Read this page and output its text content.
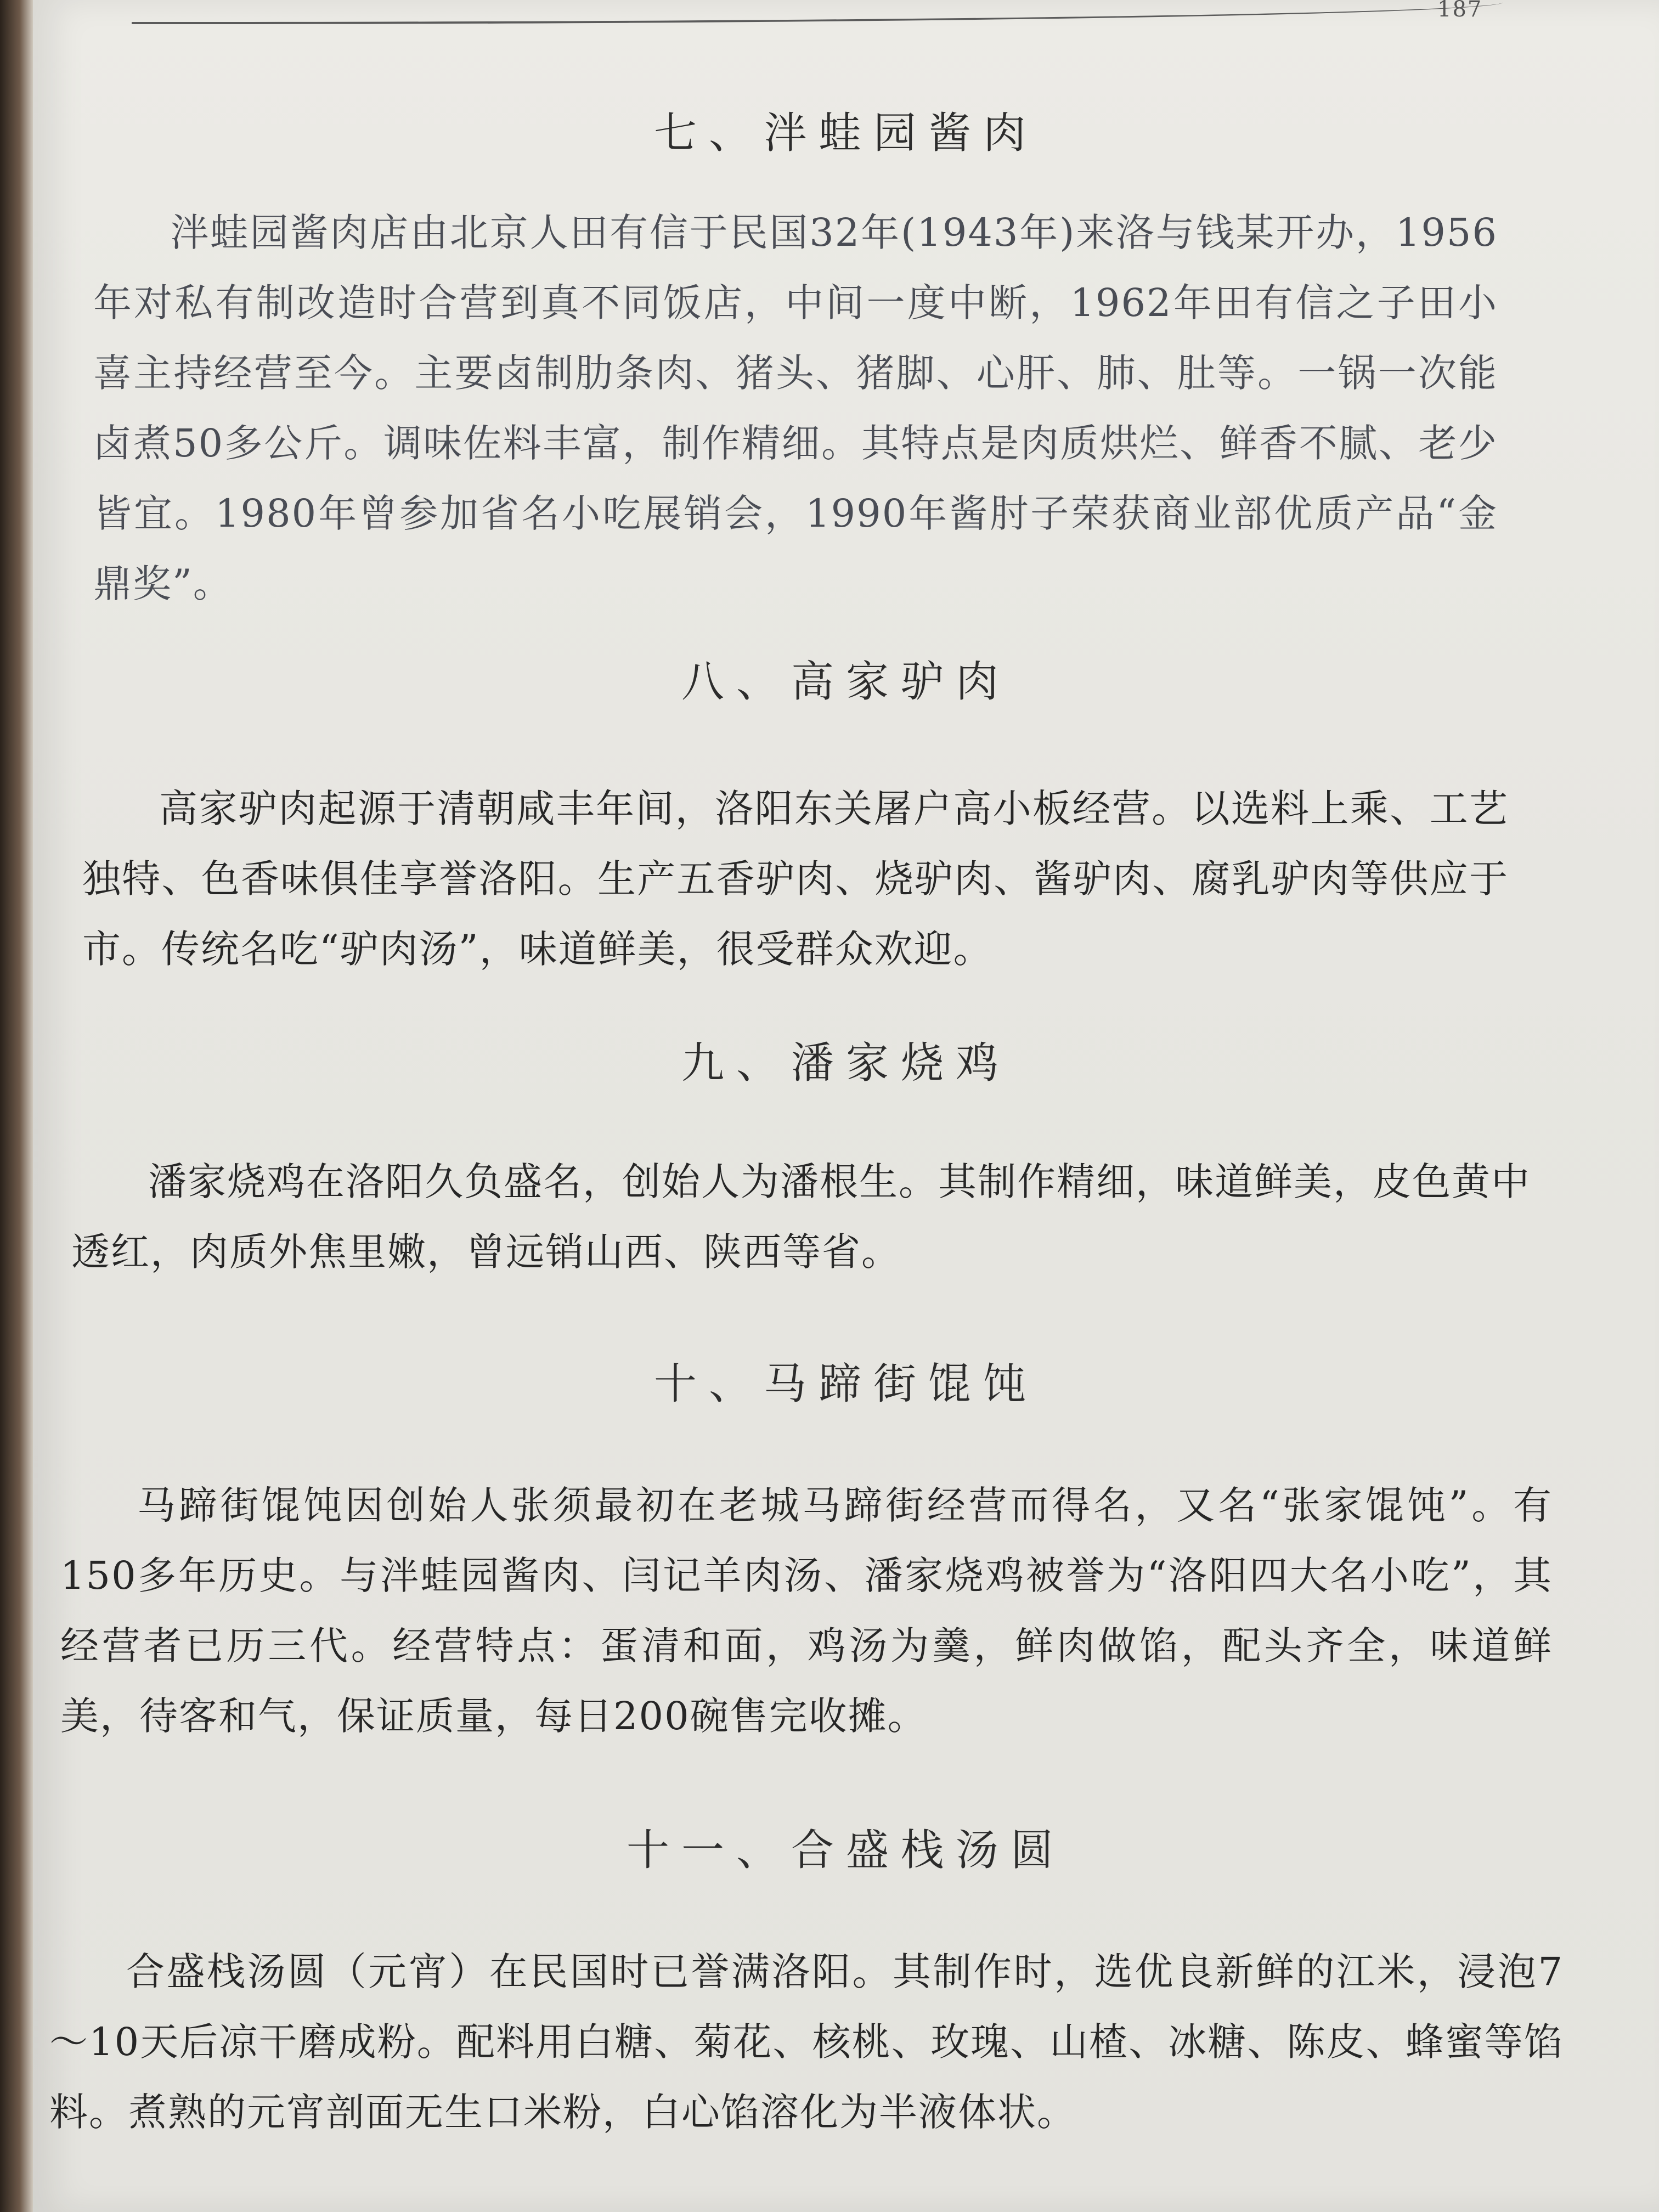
187
七、泮蛙园酱肉

泮蛙园酱肉店由北京人田有信于民国32年(1943年)来洛与钱某开办，1956年对私有制改造时合营到真不同饭店，中间一度中断，1962年田有信之子田小喜主持经营至今。主要卤制肋条肉、猪头、猪脚、心肝、肺、肚等。一锅一次能卤煮50多公斤。调味佐料丰富，制作精细。其特点是肉质烘烂、鲜香不腻、老少皆宜。1980年曾参加省名小吃展销会，1990年酱肘子荣获商业部优质产品“金鼎奖”。

八、高家驴肉

高家驴肉起源于清朝咸丰年间，洛阳东关屠户高小板经营。以选料上乘、工艺独特、色香味俱佳享誉洛阳。生产五香驴肉、烧驴肉、酱驴肉、腐乳驴肉等供应于市。传统名吃“驴肉汤”，味道鲜美，很受群众欢迎。

九、潘家烧鸡

潘家烧鸡在洛阳久负盛名，创始人为潘根生。其制作精细，味道鲜美，皮色黄中透红，肉质外焦里嫩，曾远销山西、陕西等省。

十、马蹄街馄饨

马蹄街馄饨因创始人张须最初在老城马蹄街经营而得名，又名“张家馄饨”。有150多年历史。与泮蛙园酱肉、闫记羊肉汤、潘家烧鸡被誉为“洛阳四大名小吃”，其经营者已历三代。经营特点：蛋清和面，鸡汤为羹，鲜肉做馅，配头齐全，味道鲜美，待客和气，保证质量，每日200碗售完收摊。

十一、合盛栈汤圆

合盛栈汤圆（元宵）在民国时已誉满洛阳。其制作时，选优良新鲜的江米，浸泡7～10天后凉干磨成粉。配料用白糖、菊花、核桃、玫瑰、山楂、冰糖、陈皮、蜂蜜等馅料。煮熟的元宵剖面无生口米粉，白心馅溶化为半液体状。
